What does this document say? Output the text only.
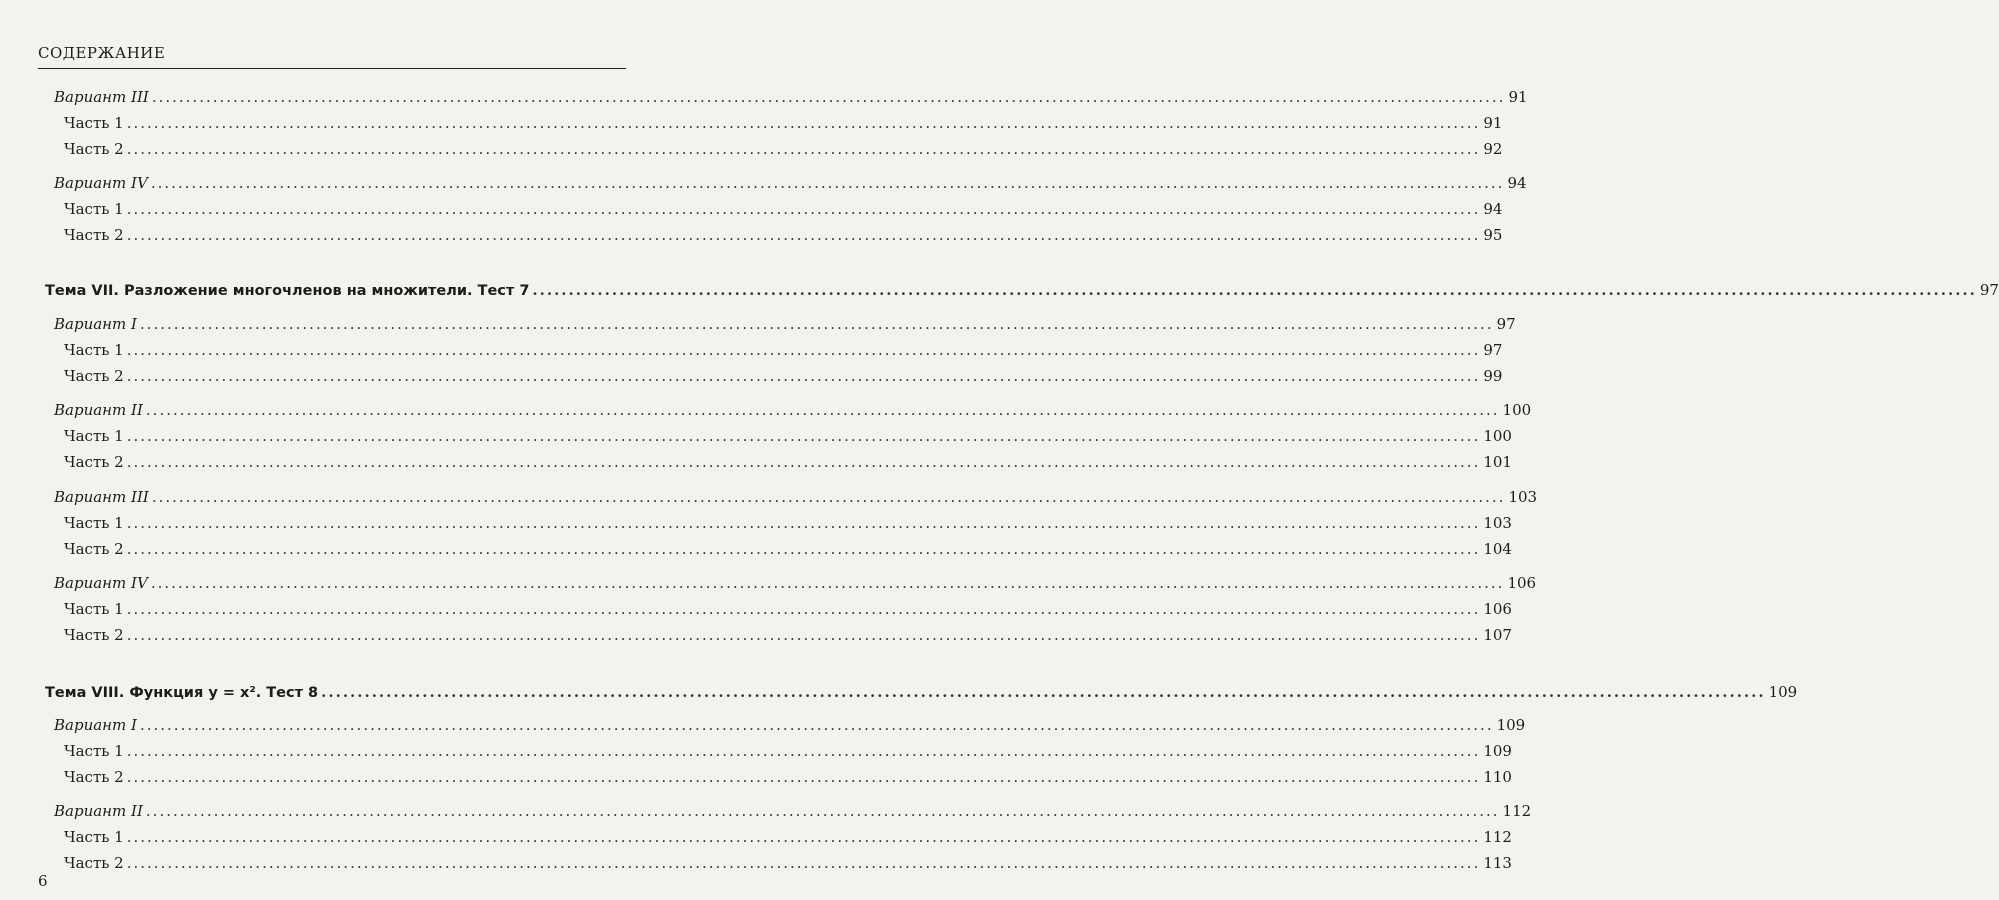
СОДЕРЖАНИЕ
Вариант III ........................................................................................................................................................................................................ 91
Часть 1 ........................................................................................................................................................................................................ 91
Часть 2 ........................................................................................................................................................................................................ 92
Вариант IV ........................................................................................................................................................................................................ 94
Часть 1 ........................................................................................................................................................................................................ 94
Часть 2 ........................................................................................................................................................................................................ 95
Тема VII. Разложение многочленов на множители. Тест 7 ........................................................................................................................................................................................................ 97
Вариант I ........................................................................................................................................................................................................ 97
Часть 1 ........................................................................................................................................................................................................ 97
Часть 2 ........................................................................................................................................................................................................ 99
Вариант II ........................................................................................................................................................................................................ 100
Часть 1 ........................................................................................................................................................................................................ 100
Часть 2 ........................................................................................................................................................................................................ 101
Вариант III ........................................................................................................................................................................................................ 103
Часть 1 ........................................................................................................................................................................................................ 103
Часть 2 ........................................................................................................................................................................................................ 104
Вариант IV ........................................................................................................................................................................................................ 106
Часть 1 ........................................................................................................................................................................................................ 106
Часть 2 ........................................................................................................................................................................................................ 107
Тема VIII. Функция y = x². Тест 8 ........................................................................................................................................................................................................ 109
Вариант I ........................................................................................................................................................................................................ 109
Часть 1 ........................................................................................................................................................................................................ 109
Часть 2 ........................................................................................................................................................................................................ 110
Вариант II ........................................................................................................................................................................................................ 112
Часть 1 ........................................................................................................................................................................................................ 112
Часть 2 ........................................................................................................................................................................................................ 113
6
